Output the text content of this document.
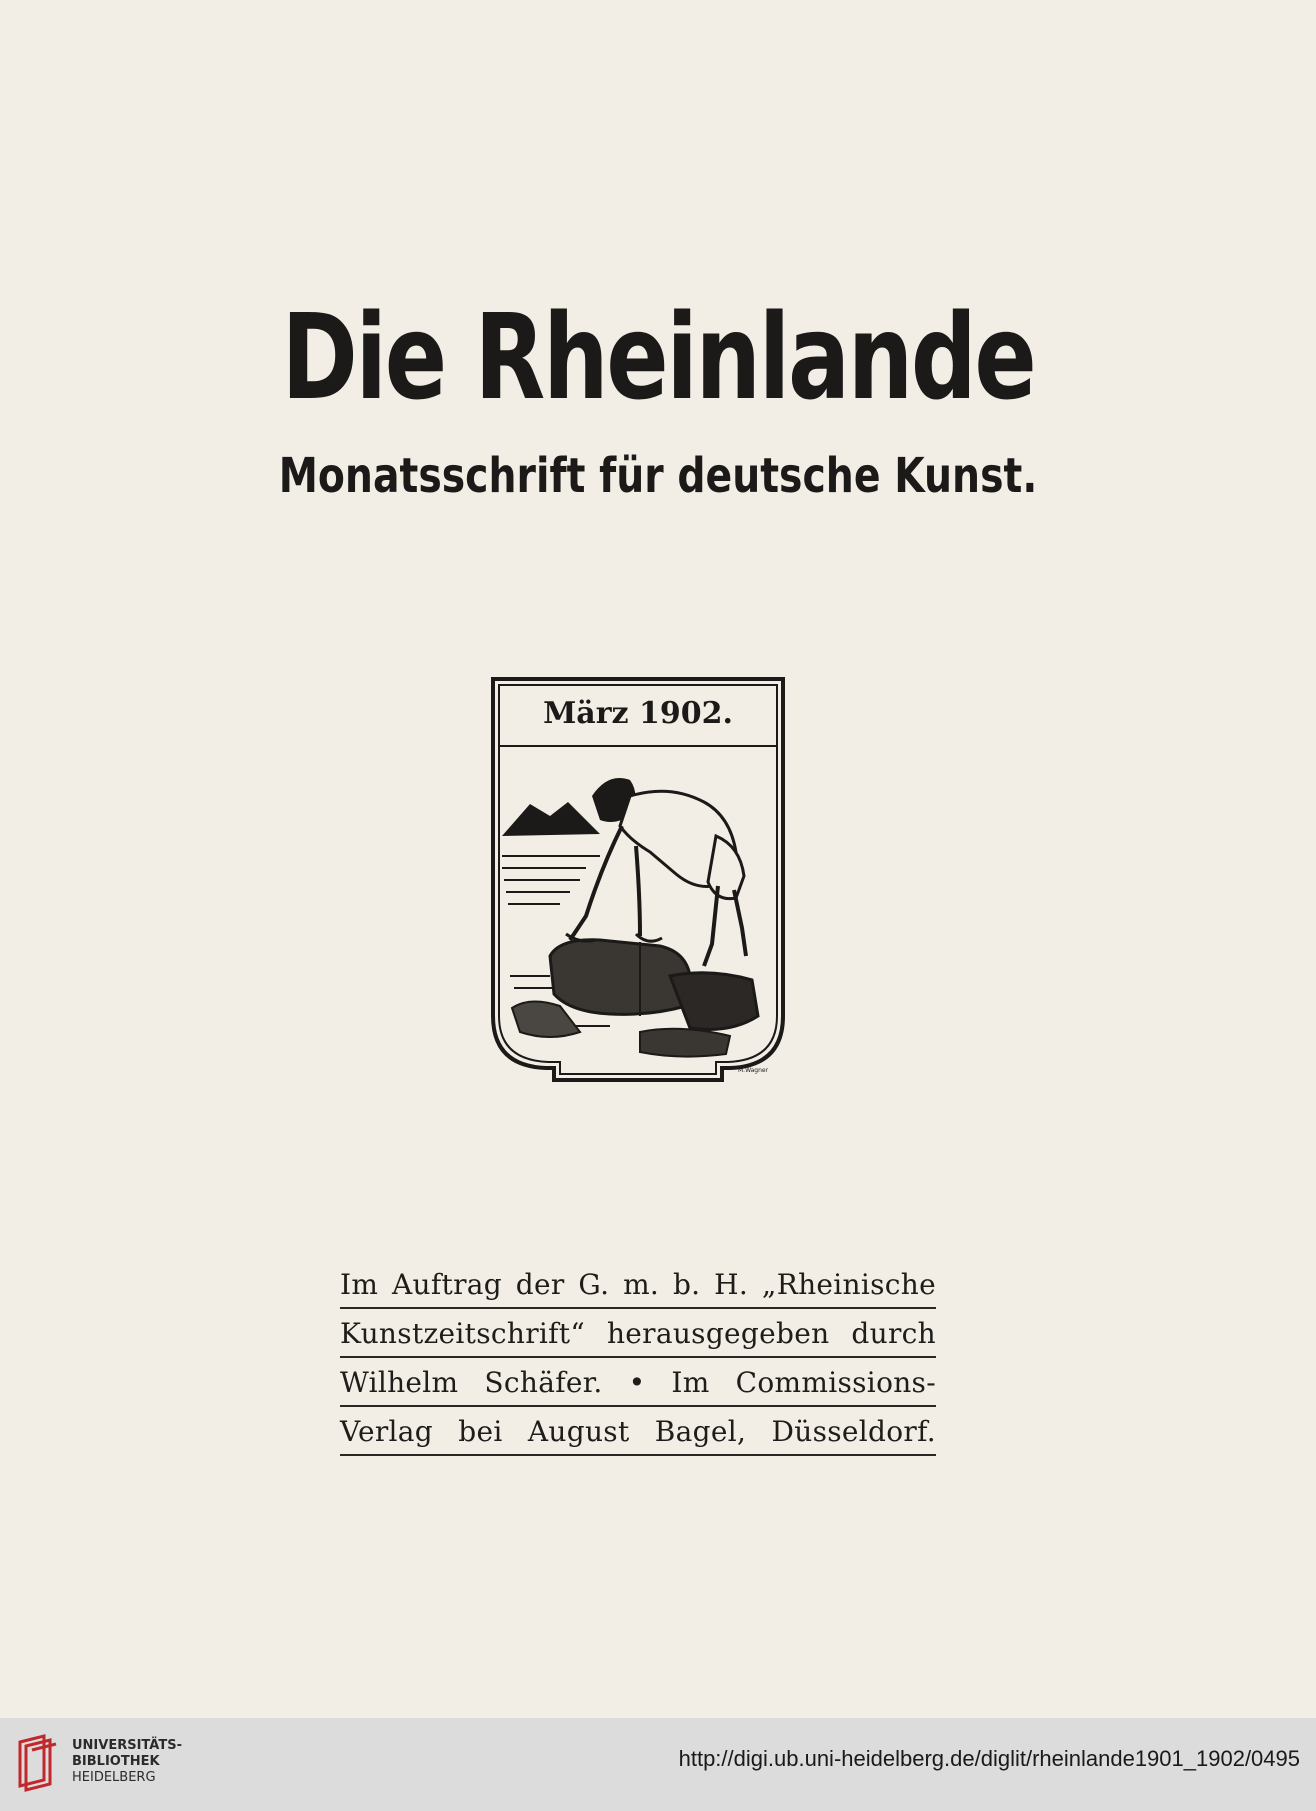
Die Rheinlande
Monatsschrift für deutsche Kunst.
M.Wagner
März 1902.
Im Auftrag der G. m. b. H. „Rheinische
Kunstzeitschrift“ herausgegeben durch
Wilhelm Schäfer. • Im Commissions-
Verlag bei August Bagel, Düsseldorf.
UNIVERSITÄTS-
BIBLIOTHEK
HEIDELBERG
http://digi.ub.uni-heidelberg.de/diglit/rheinlande1901_1902/0495
